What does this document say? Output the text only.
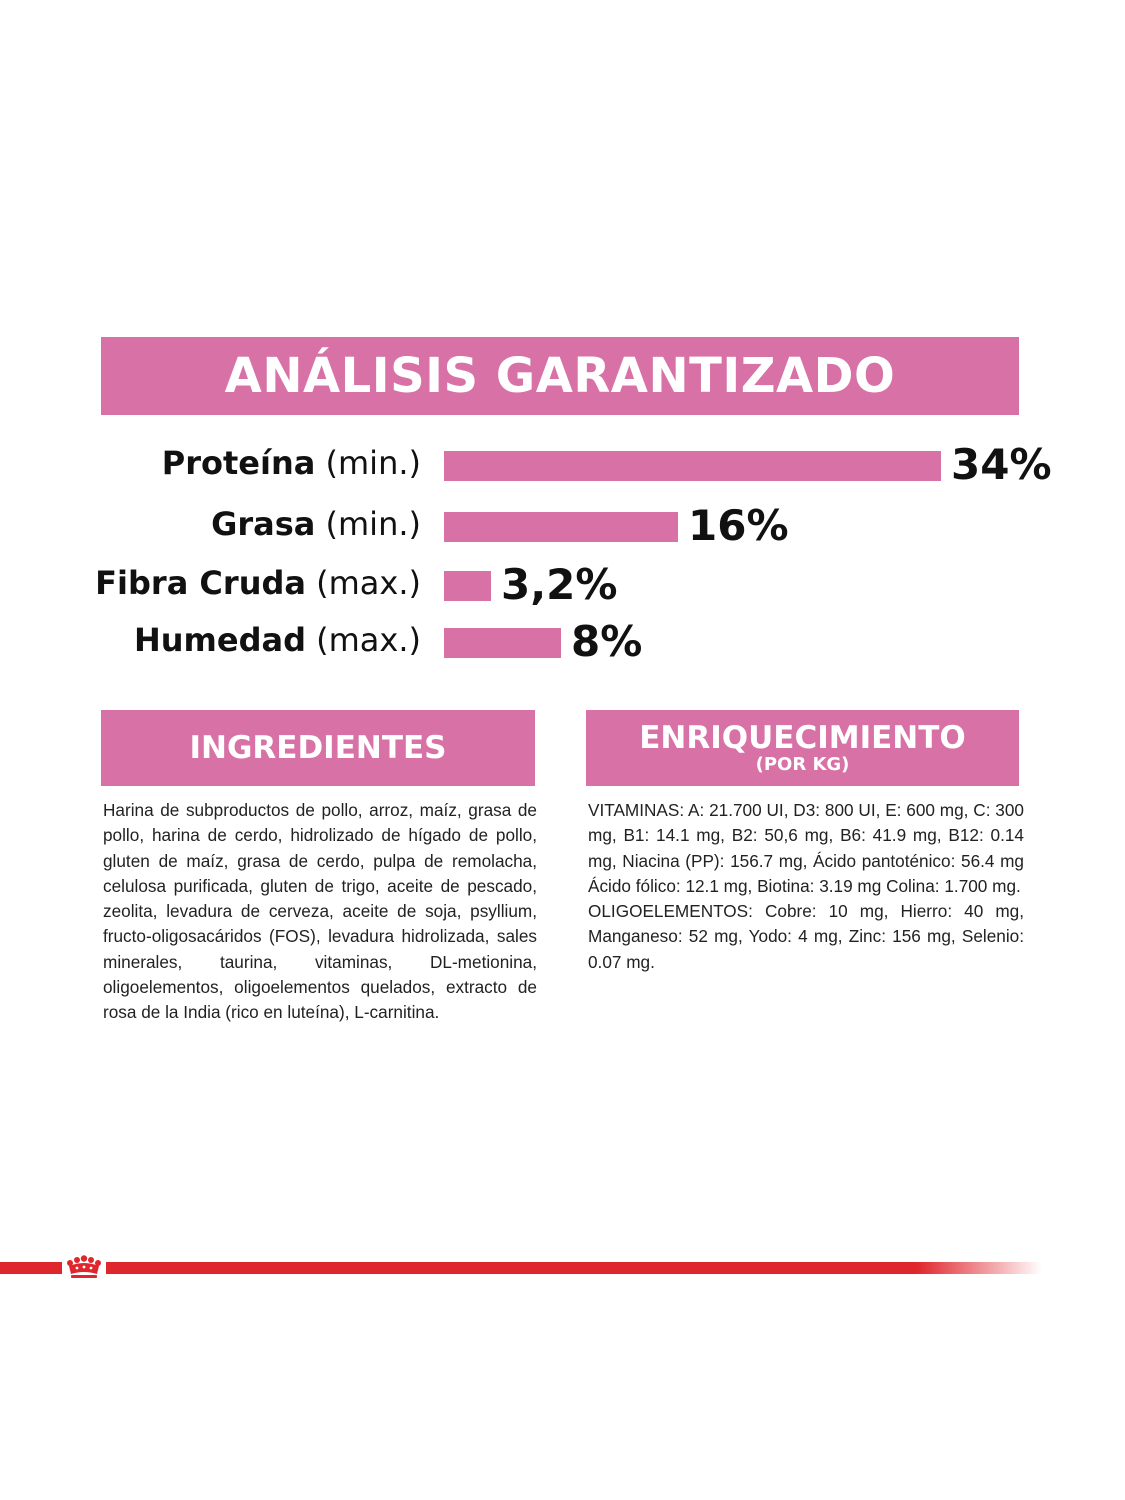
ANÁLISIS GARANTIZADO
Proteína (min.)	34%
Grasa (min.)	16%
Fibra Cruda (max.) 3,2%
Humedad (max.)	8%
INGREDIENTES
Harina de subproductos de pollo, arroz, maíz, grasa de pollo, harina de cerdo, hidrolizado de hígado de pollo, gluten de maíz, grasa de cerdo, pulpa de remolacha, celulosa purificada, gluten de trigo, aceite de pescado, zeolita, levadura de cerveza, aceite de soja, psyllium, fructo-oligosacáridos (FOS), levadura hidrolizada, sales minerales, taurina, vitaminas, DL-metionina, oligoelementos, oligoelementos quelados, extracto de rosa de la India (rico en luteína), L-carnitina.
ENRIQUECIMIENTO
(POR KG)

VITAMINAS: A: 21.700 UI, D3: 800 UI, E: 600 mg, C: 300 mg, B1: 14.1 mg, B2: 50,6 mg, B6: 41.9 mg, B12: 0.14 mg, Niacina (PP): 156.7 mg, Ácido pantoténico: 56.4 mg Ácido fólico: 12.1 mg, Biotina: 3.19 mg Colina: 1.700 mg.

OLIGOELEMENTOS: Cobre: 10 mg, Hierro: 40 mg, Manganeso: 52 mg, Yodo: 4 mg, Zinc: 156 mg, Selenio: 0.07 mg.
